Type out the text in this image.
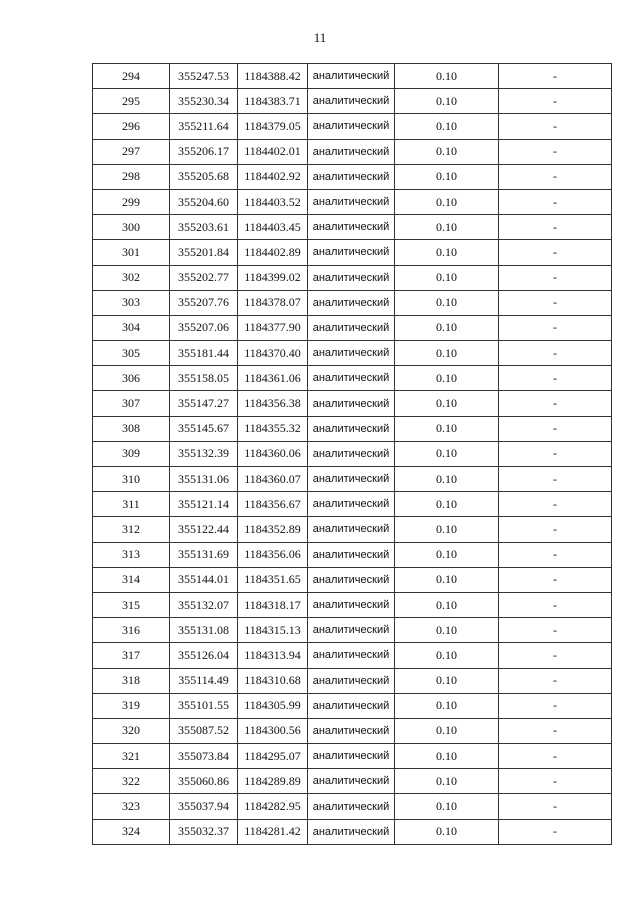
11
294	355247.53	1184388.42	аналитический	0.10	-
295	355230.34	1184383.71	аналитический	0.10	-
296	355211.64	1184379.05	аналитический	0.10	-
297	355206.17	1184402.01	аналитический	0.10	-
298	355205.68	1184402.92	аналитический	0.10	-
299	355204.60	1184403.52	аналитический	0.10	-
300	355203.61	1184403.45	аналитический	0.10	-
301	355201.84	1184402.89	аналитический	0.10	-
302	355202.77	1184399.02	аналитический	0.10	-
303	355207.76	1184378.07	аналитический	0.10	-
304	355207.06	1184377.90	аналитический	0.10	-
305	355181.44	1184370.40	аналитический	0.10	-
306	355158.05	1184361.06	аналитический	0.10	-
307	355147.27	1184356.38	аналитический	0.10	-
308	355145.67	1184355.32	аналитический	0.10	-
309	355132.39	1184360.06	аналитический	0.10	-
310	355131.06	1184360.07	аналитический	0.10	-
311	355121.14	1184356.67	аналитический	0.10	-
312	355122.44	1184352.89	аналитический	0.10	-
313	355131.69	1184356.06	аналитический	0.10	-
314	355144.01	1184351.65	аналитический	0.10	-
315	355132.07	1184318.17	аналитический	0.10	-
316	355131.08	1184315.13	аналитический	0.10	-
317	355126.04	1184313.94	аналитический	0.10	-
318	355114.49	1184310.68	аналитический	0.10	-
319	355101.55	1184305.99	аналитический	0.10	-
320	355087.52	1184300.56	аналитический	0.10	-
321	355073.84	1184295.07	аналитический	0.10	-
322	355060.86	1184289.89	аналитический	0.10	-
323	355037.94	1184282.95	аналитический	0.10	-
324	355032.37	1184281.42	аналитический	0.10	-
